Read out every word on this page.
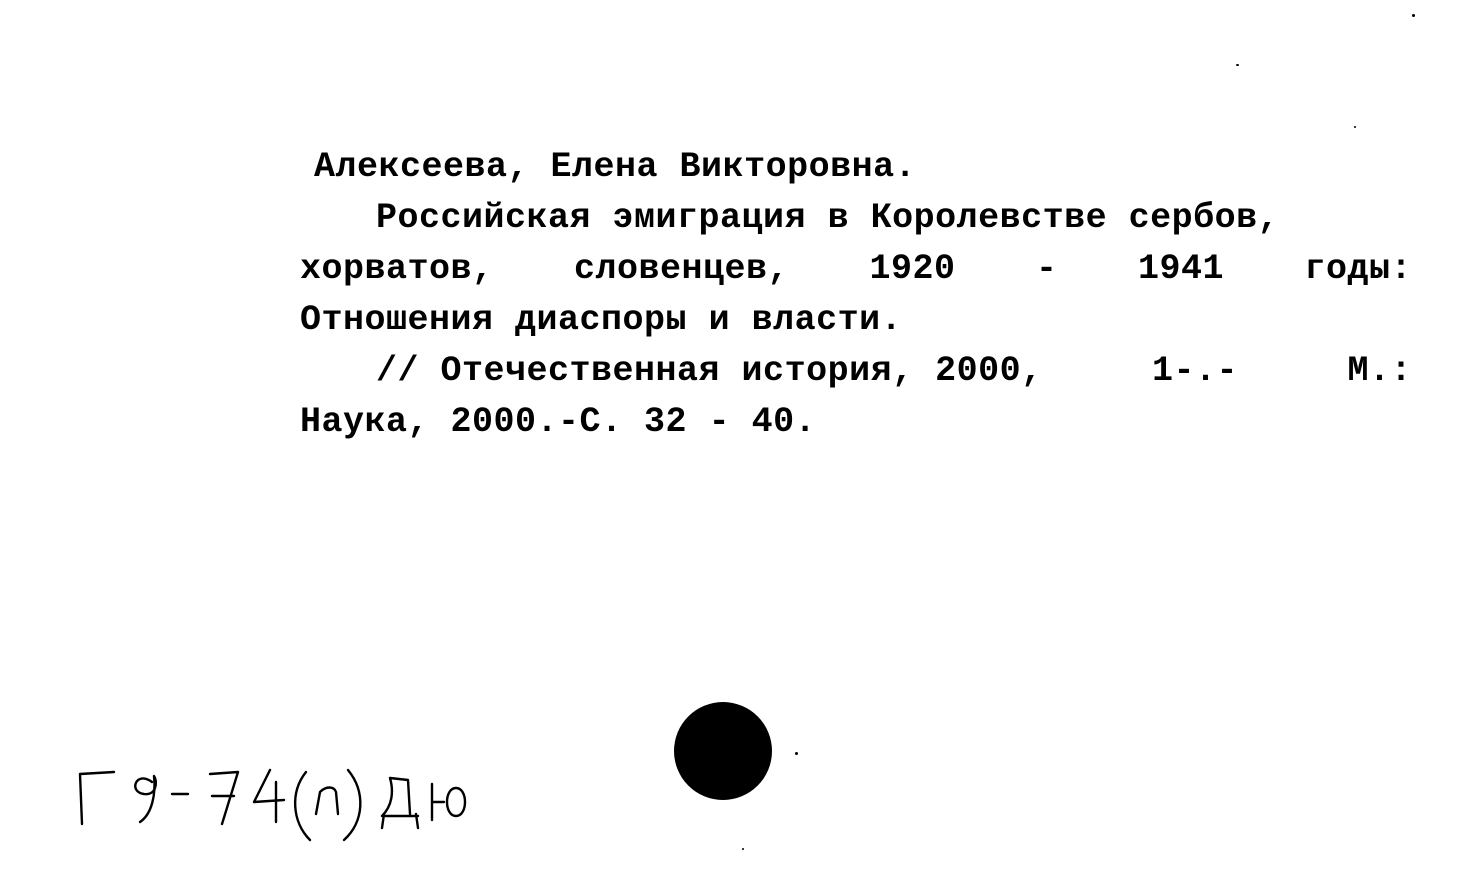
Алексеева, Елена Викторовна.
Российская эмиграция в Королевстве сербов,
хорватов, словенцев, 1920 - 1941 годы:
Отношения диаспоры и власти.
// Отечественная история, 2000,	1-.-	М.:
Наука, 2000.-С. 32 - 40.
